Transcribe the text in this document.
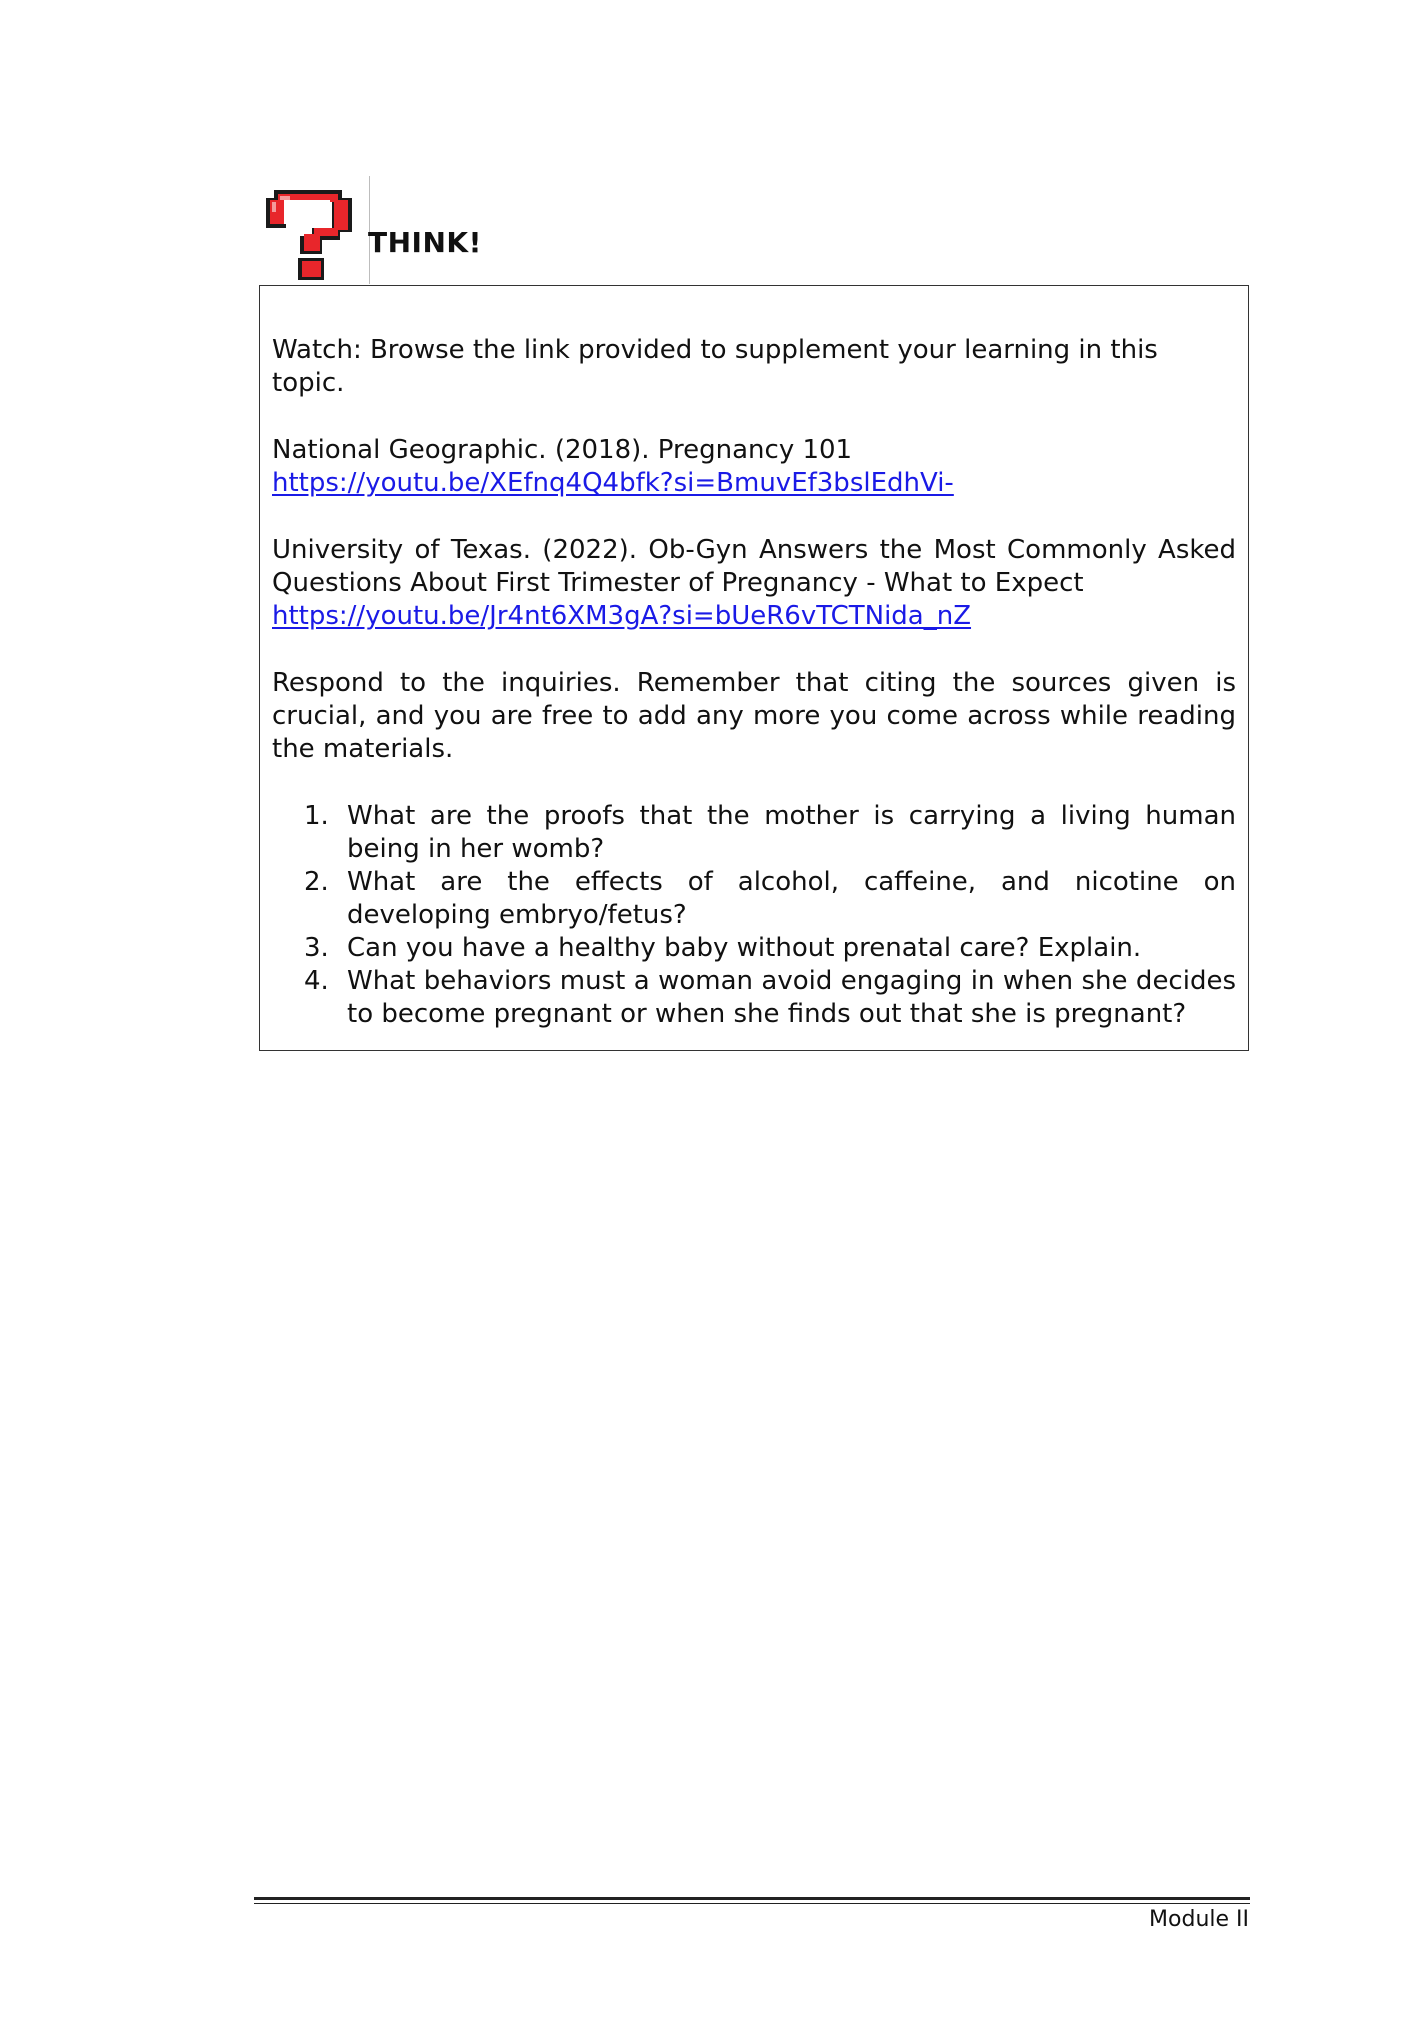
THINK!

Watch: Browse the link provided to supplement your learning in this topic.

National Geographic. (2018). Pregnancy 101

https://youtu.be/XEfnq4Q4bfk?si=BmuvEf3bslEdhVi-

University of Texas. (2022). Ob-Gyn Answers the Most Commonly Asked Questions About First Trimester of Pregnancy - What to Expect

https://youtu.be/Jr4nt6XM3gA?si=bUeR6vTCTNida_nZ

Respond to the inquiries. Remember that citing the sources given is crucial, and you are free to add any more you come across while reading the materials.

1. What are the proofs that the mother is carrying a living human being in her womb?
2. What are the effects of alcohol, caffeine, and nicotine on developing embryo/fetus?
3. Can you have a healthy baby without prenatal care? Explain.
4. What behaviors must a woman avoid engaging in when she decides to become pregnant or when she finds out that she is pregnant?
Module II
